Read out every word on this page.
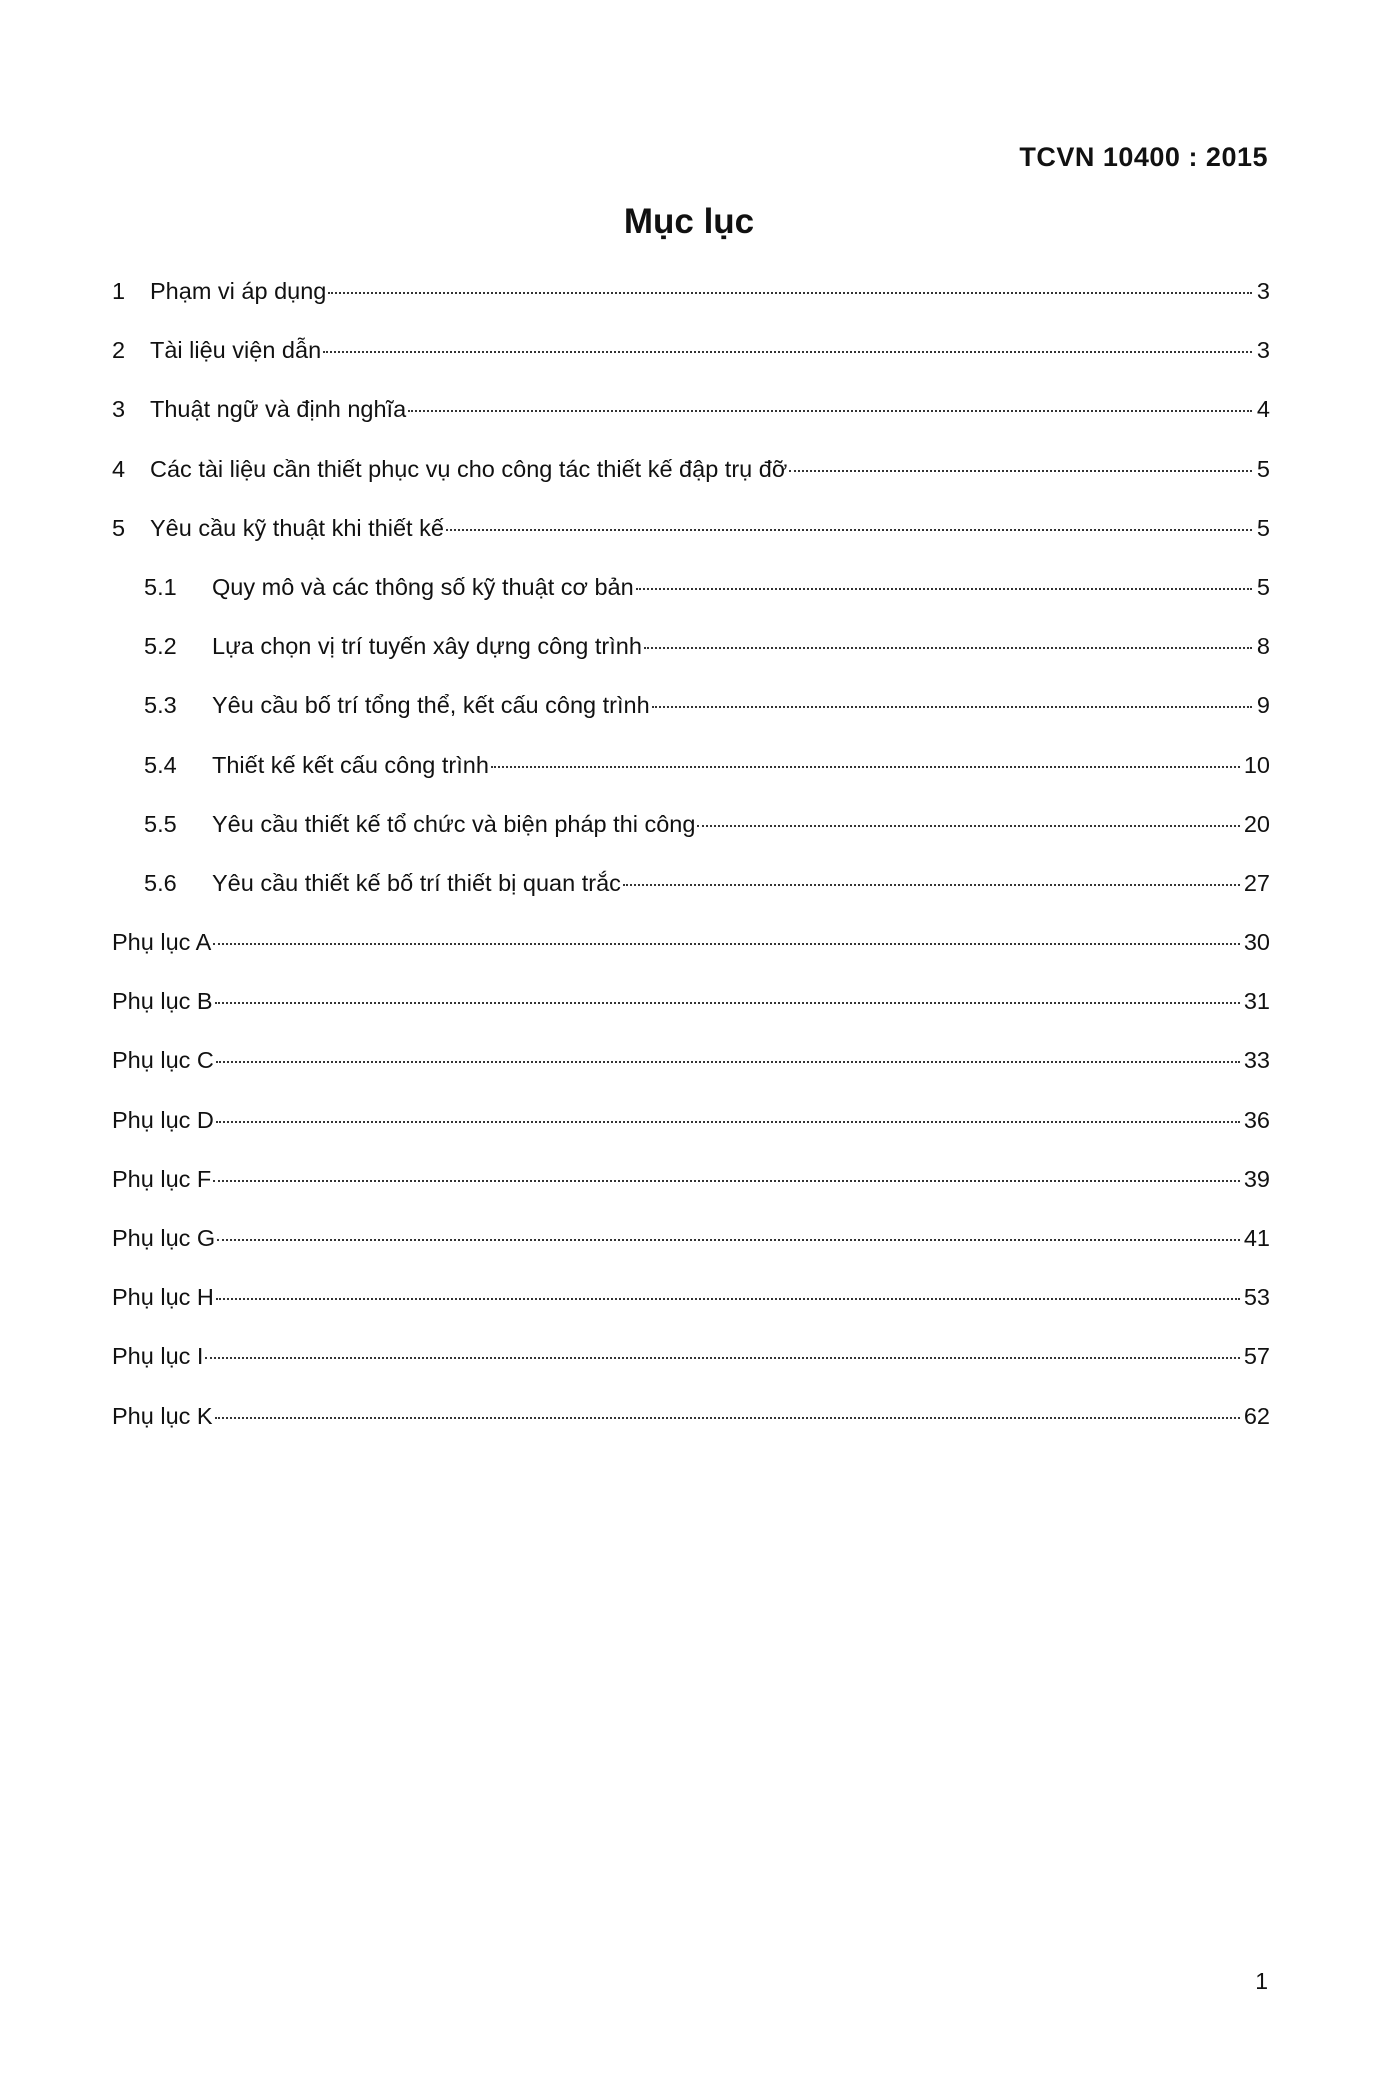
TCVN 10400 : 2015
Mục lục
1	Phạm vi áp dụng	3
2	Tài liệu viện dẫn	3
3	Thuật ngữ và định nghĩa	4
4	Các tài liệu cần thiết phục vụ cho công tác thiết kế đập trụ đỡ	5
5	Yêu cầu kỹ thuật khi thiết kế	5
5.1	Quy mô và các thông số kỹ thuật cơ bản	5
5.2	Lựa chọn vị trí tuyến xây dựng công trình	8
5.3	Yêu cầu bố trí tổng thể, kết cấu công trình	9
5.4	Thiết kế kết cấu công trình	10
5.5	Yêu cầu thiết kế tổ chức và biện pháp thi công	20
5.6	Yêu cầu thiết kế bố trí thiết bị quan trắc	27
Phụ lục A	30
Phụ lục B	31
Phụ lục C	33
Phụ lục D	36
Phụ lục F	39
Phụ lục G	41
Phụ lục H	53
Phụ lục I	57
Phụ lục K	62
1
